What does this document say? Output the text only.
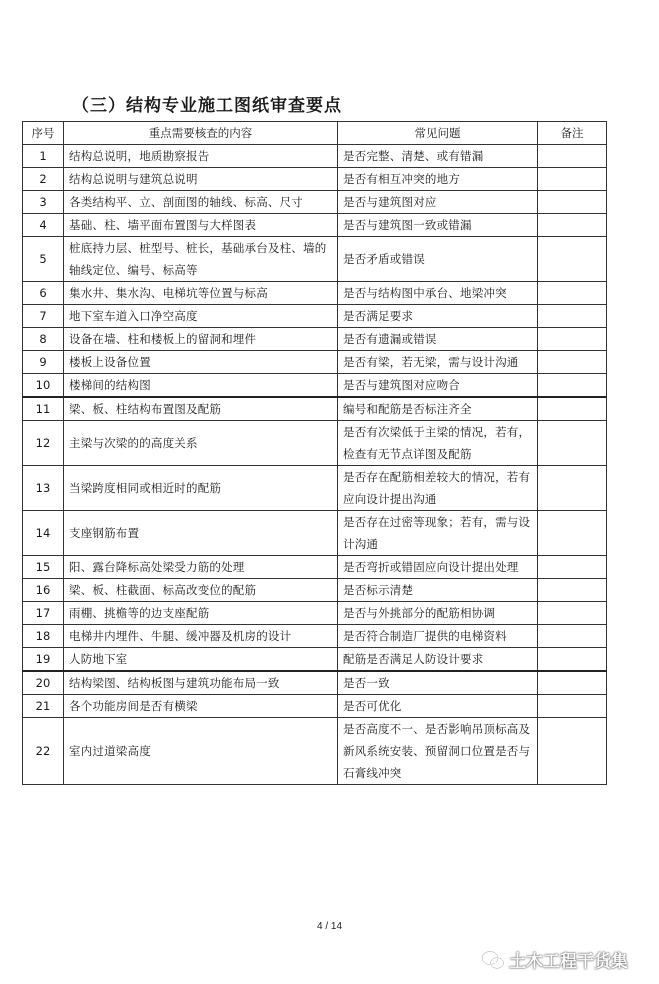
（三）结构专业施工图纸审查要点
序号	重点需要核查的内容	常见问题	备注
1	结构总说明，地质勘察报告	是否完整、清楚、或有错漏	
2	结构总说明与建筑总说明	是否有相互冲突的地方	
3	各类结构平、立、剖面图的轴线、标高、尺寸	是否与建筑图对应	
4	基础、柱、墙平面布置图与大样图表	是否与建筑图一致或错漏	
5	桩底持力层、桩型号、桩长，基础承台及柱、墙的轴线定位、编号、标高等	是否矛盾或错误	
6	集水井、集水沟、电梯坑等位置与标高	是否与结构图中承台、地梁冲突	
7	地下室车道入口净空高度	是否满足要求	
8	设备在墙、柱和楼板上的留洞和埋件	是否有遗漏或错误	
9	楼板上设备位置	是否有梁，若无梁，需与设计沟通	
10	楼梯间的结构图	是否与建筑图对应吻合	
11	梁、板、柱结构布置图及配筋	编号和配筋是否标注齐全	
12	主梁与次梁的的高度关系	是否有次梁低于主梁的情况，若有，检查有无节点详图及配筋	
13	当梁跨度相同或相近时的配筋	是否存在配筋相差较大的情况，若有应向设计提出沟通	
14	支座钢筋布置	是否存在过密等现象；若有，需与设计沟通	
15	阳、露台降标高处梁受力筋的处理	是否弯折或错固应向设计提出处理	
16	梁、板、柱截面、标高改变位的配筋	是否标示清楚	
17	雨棚、挑檐等的边支座配筋	是否与外挑部分的配筋相协调	
18	电梯井内埋件、牛腿、缓冲器及机房的设计	是否符合制造厂提供的电梯资料	
19	人防地下室	配筋是否满足人防设计要求	
20	结构梁图、结构板图与建筑功能布局一致	是否一致	
21	各个功能房间是否有横梁	是否可优化	
22	室内过道梁高度	是否高度不一、是否影响吊顶标高及新风系统安装、预留洞口位置是否与石膏线冲突	
4 / 14
土木工程干货集
